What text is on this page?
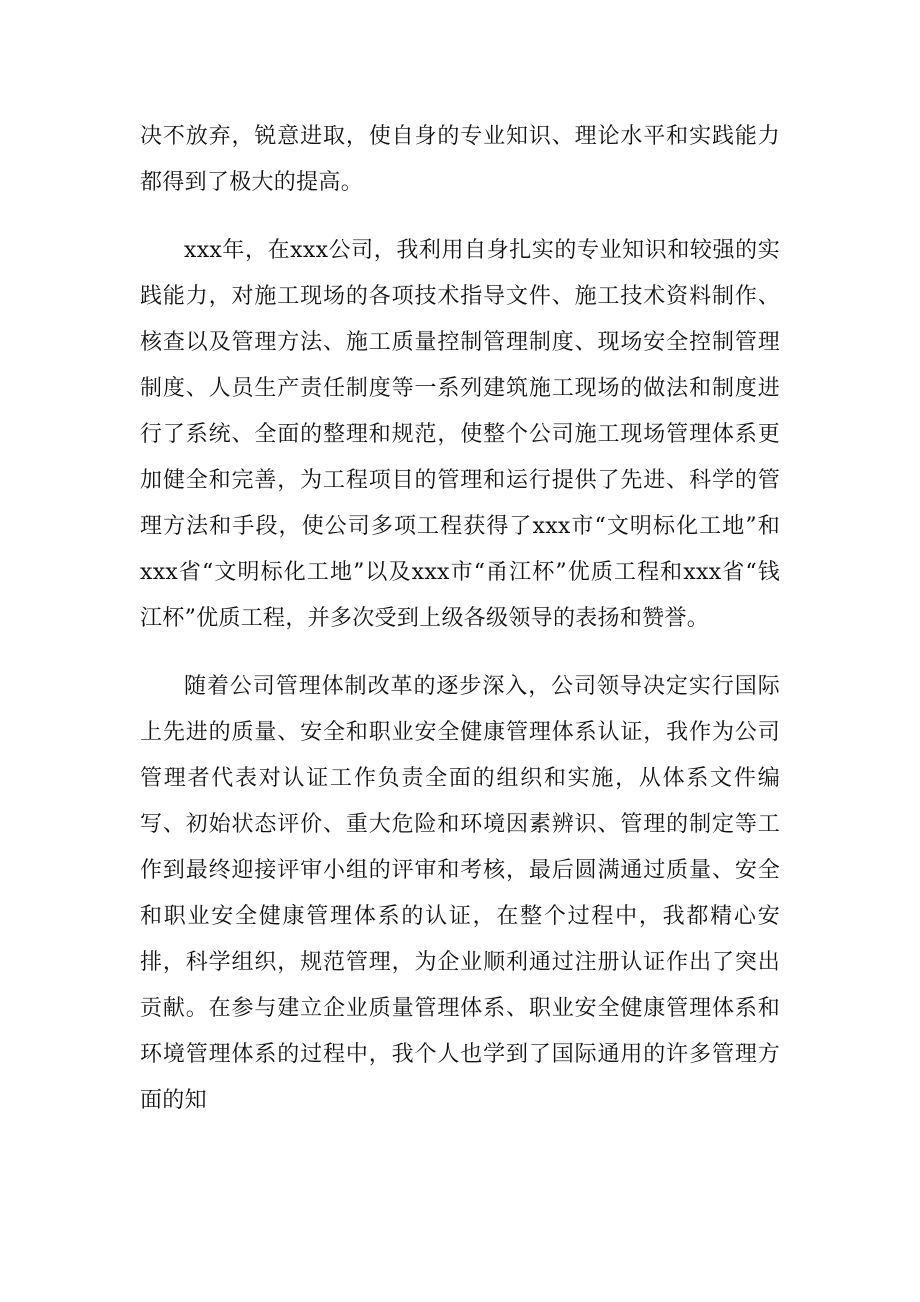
决不放弃，锐意进取，使自身的专业知识、理论水平和实践能力都得到了极大的提高。

xxx年，在xxx公司，我利用自身扎实的专业知识和较强的实践能力，对施工现场的各项技术指导文件、施工技术资料制作、核查以及管理方法、施工质量控制管理制度、现场安全控制管理制度、人员生产责任制度等一系列建筑施工现场的做法和制度进行了系统、全面的整理和规范，使整个公司施工现场管理体系更加健全和完善，为工程项目的管理和运行提供了先进、科学的管理方法和手段，使公司多项工程获得了xxx市“文明标化工地”和xxx省“文明标化工地”以及xxx市“甬江杯”优质工程和xxx省“钱江杯”优质工程，并多次受到上级各级领导的表扬和赞誉。

随着公司管理体制改革的逐步深入，公司领导决定实行国际上先进的质量、安全和职业安全健康管理体系认证，我作为公司管理者代表对认证工作负责全面的组织和实施，从体系文件编写、初始状态评价、重大危险和环境因素辨识、管理的制定等工作到最终迎接评审小组的评审和考核，最后圆满通过质量、安全和职业安全健康管理体系的认证，在整个过程中，我都精心安排，科学组织，规范管理，为企业顺利通过注册认证作出了突出贡献。在参与建立企业质量管理体系、职业安全健康管理体系和环境管理体系的过程中，我个人也学到了国际通用的许多管理方面的知
